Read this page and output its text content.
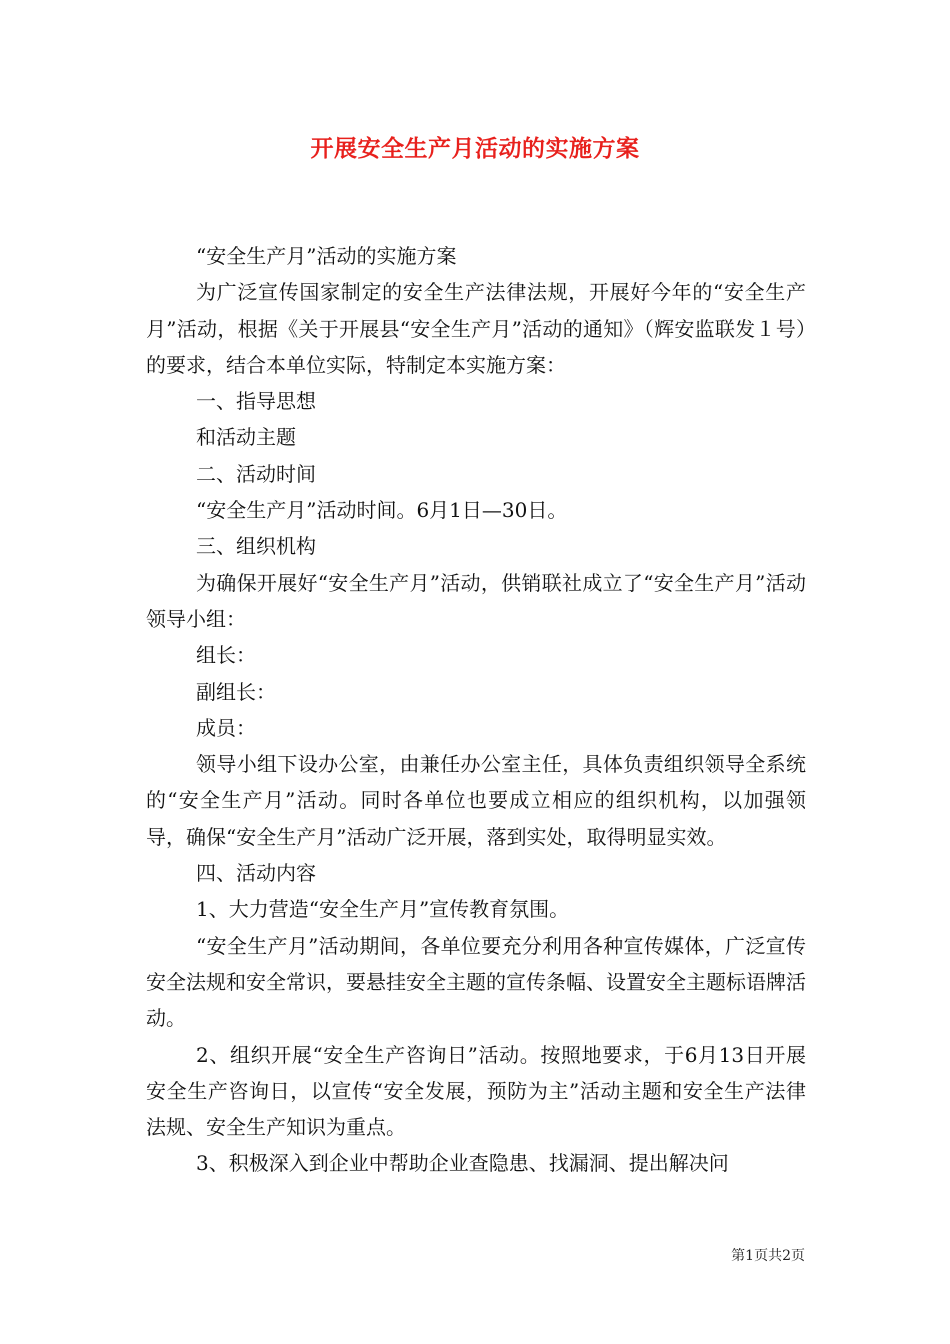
开展安全生产月活动的实施方案

“安全生产月”活动的实施方案

为广泛宣传国家制定的安全生产法律法规，开展好今年的“安全生产月”活动，根据《关于开展县“安全生产月”活动的通知》（辉安监联发１号）的要求，结合本单位实际，特制定本实施方案：

一、指导思想

和活动主题

二、活动时间

“安全生产月”活动时间。6月1日—30日。

三、组织机构

为确保开展好“安全生产月”活动，供销联社成立了“安全生产月”活动领导小组：

组长：

副组长：

成员：

领导小组下设办公室，由兼任办公室主任，具体负责组织领导全系统的“安全生产月”活动。同时各单位也要成立相应的组织机构，以加强领导，确保“安全生产月”活动广泛开展，落到实处，取得明显实效。

四、活动内容

1、大力营造“安全生产月”宣传教育氛围。

“安全生产月”活动期间，各单位要充分利用各种宣传媒体，广泛宣传安全法规和安全常识，要悬挂安全主题的宣传条幅、设置安全主题标语牌活动。

2、组织开展“安全生产咨询日”活动。按照地要求，于6月13日开展安全生产咨询日，以宣传“安全发展，预防为主”活动主题和安全生产法律法规、安全生产知识为重点。

3、积极深入到企业中帮助企业查隐患、找漏洞、提出解决问

第1页共2页
